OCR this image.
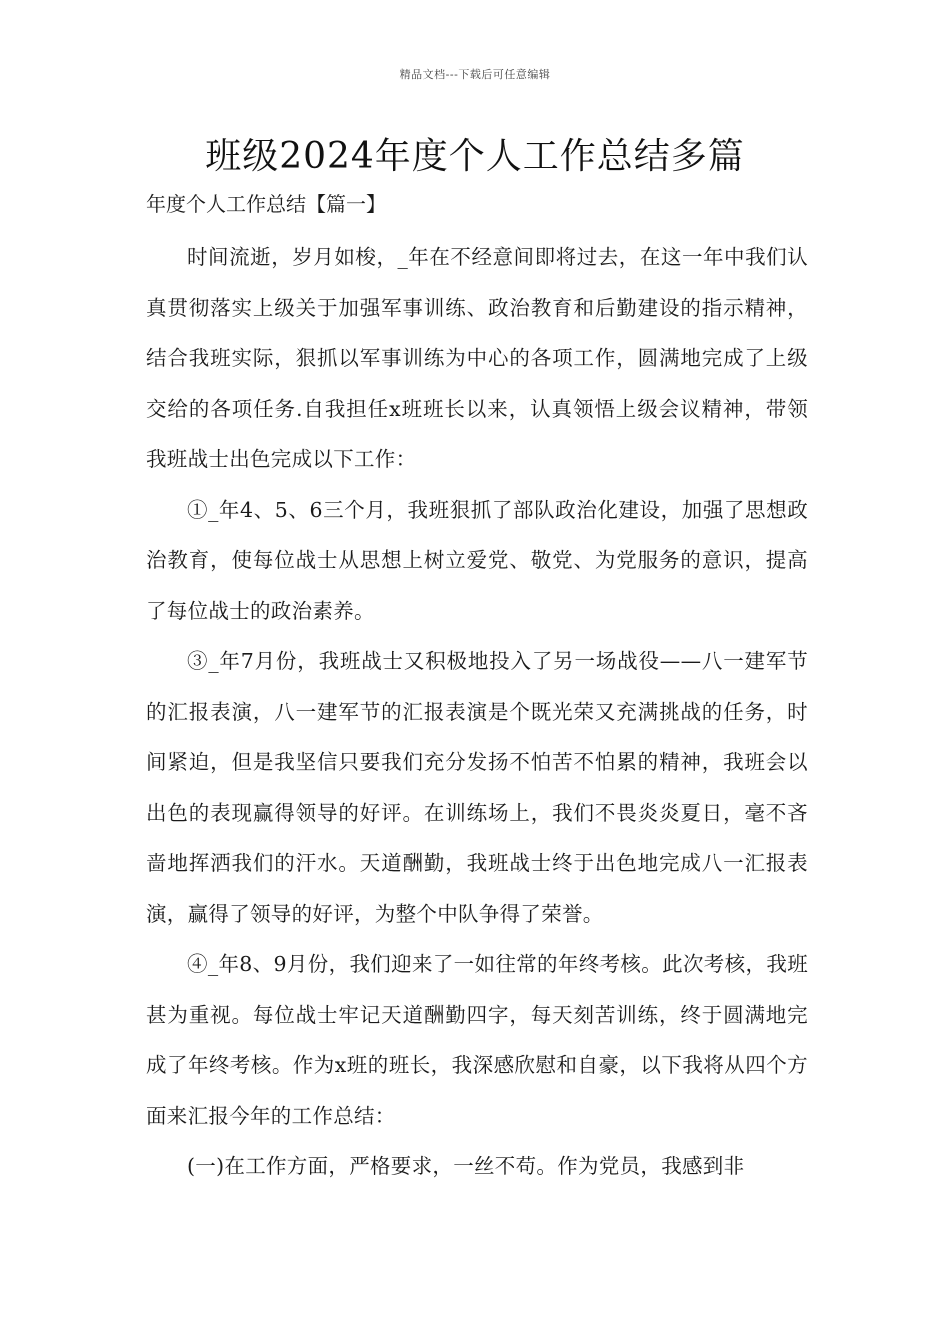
精品文档---下载后可任意编辑
班级2024年度个人工作总结多篇
年度个人工作总结【篇一】

时间流逝，岁月如梭，_年在不经意间即将过去，在这一年中我们认真贯彻落实上级关于加强军事训练、政治教育和后勤建设的指示精神，结合我班实际，狠抓以军事训练为中心的各项工作，圆满地完成了上级交给的各项任务.自我担任x班班长以来，认真领悟上级会议精神，带领我班战士出色完成以下工作：

①_年4、5、6三个月，我班狠抓了部队政治化建设，加强了思想政治教育，使每位战士从思想上树立爱党、敬党、为党服务的意识，提高了每位战士的政治素养。

③_年7月份，我班战士又积极地投入了另一场战役——八一建军节的汇报表演，八一建军节的汇报表演是个既光荣又充满挑战的任务，时间紧迫，但是我坚信只要我们充分发扬不怕苦不怕累的精神，我班会以出色的表现赢得领导的好评。在训练场上，我们不畏炎炎夏日，毫不吝啬地挥洒我们的汗水。天道酬勤，我班战士终于出色地完成八一汇报表演，赢得了领导的好评，为整个中队争得了荣誉。

④_年8、9月份，我们迎来了一如往常的年终考核。此次考核，我班甚为重视。每位战士牢记天道酬勤四字，每天刻苦训练，终于圆满地完成了年终考核。作为x班的班长，我深感欣慰和自豪，以下我将从四个方面来汇报今年的工作总结：

(一)在工作方面，严格要求，一丝不苟。作为党员，我感到非
